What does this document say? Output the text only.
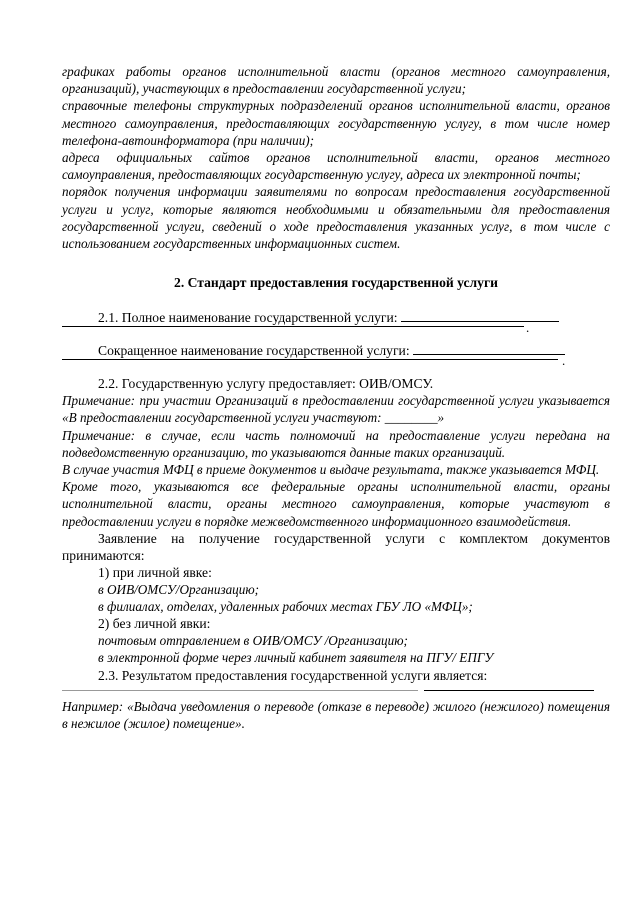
графиках работы органов исполнительной власти (органов местного самоуправления, организаций), участвующих в предоставлении государственной услуги;

справочные телефоны структурных подразделений органов исполнительной власти, органов местного самоуправления, предоставляющих государственную услугу, в том числе номер телефона-автоинформатора (при наличии);

адреса официальных сайтов органов исполнительной власти, органов местного самоуправления, предоставляющих государственную услугу, адреса их электронной почты;

порядок получения информации заявителями по вопросам предоставления государственной услуги и услуг, которые являются необходимыми и обязательными для предоставления государственной услуги, сведений о ходе предоставления указанных услуг, в том числе с использованием государственных информационных систем.

2. Стандарт предоставления государственной услуги

2.1. Полное наименование государственной услуги:

.

Сокращенное наименование государственной услуги:

.

2.2. Государственную услугу предоставляет: ОИВ/ОМСУ.

Примечание: при участии Организаций в предоставлении государственной услуги указывается «В предоставлении государственной услуги участвуют: ________»

Примечание: в случае, если часть полномочий на предоставление услуги передана на подведомственную организацию, то указываются данные таких организаций.

В случае участия МФЦ в приеме документов и выдаче результата, также указывается МФЦ.

Кроме того, указываются все федеральные органы исполнительной власти, органы исполнительной власти, органы местного самоуправления, которые участвуют в предоставлении услуги в порядке межведомственного информационного взаимодействия.

Заявление на получение государственной услуги с комплектом документов принимаются:

1) при личной явке:

в ОИВ/ОМСУ/Организацию;

в филиалах, отделах, удаленных рабочих местах ГБУ ЛО «МФЦ»;

2) без личной явки:

почтовым отправлением в ОИВ/ОМСУ /Организацию;

в электронной форме через личный кабинет заявителя на ПГУ/ ЕПГУ

2.3. Результатом предоставления государственной услуги является:

Например: «Выдача уведомления о переводе (отказе в переводе) жилого (нежилого) помещения в нежилое (жилое) помещение».
